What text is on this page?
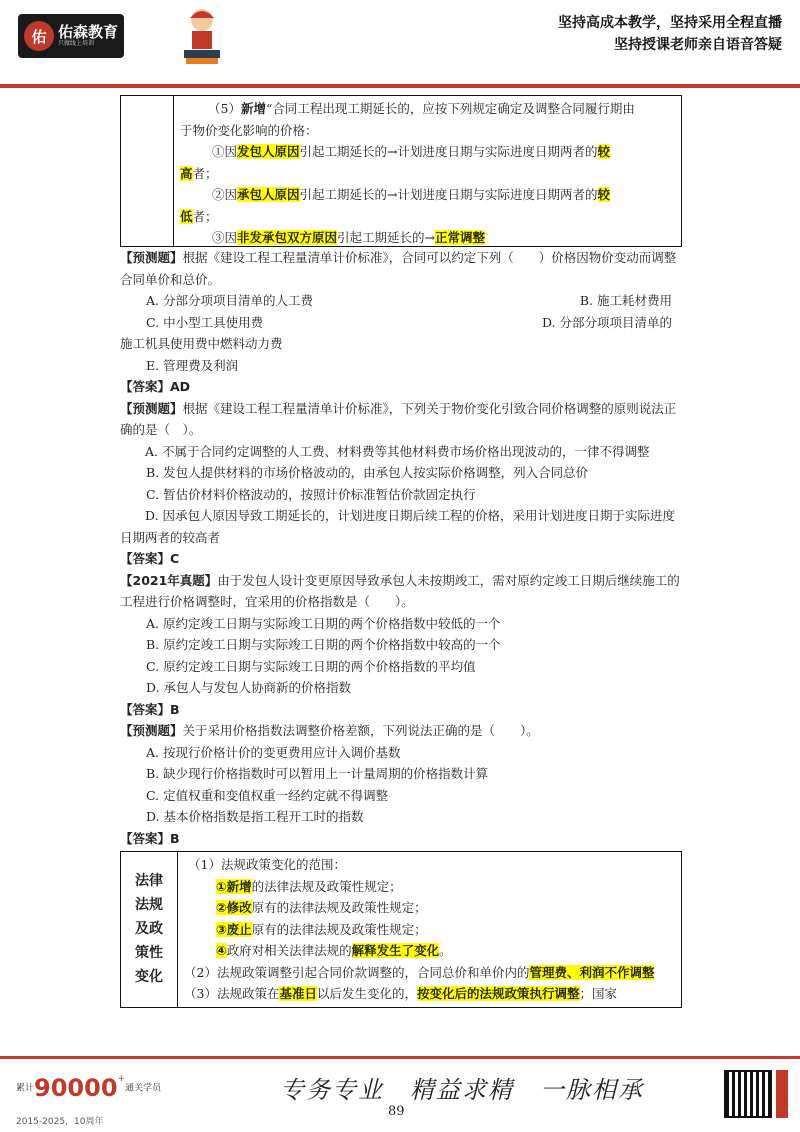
佑 佑森教育
只做线上培训
坚持高成本教学，坚持采用全程直播
坚持授课老师亲自语音答疑
（5）新增“合同工程出现工期延长的，应按下列规定确定及调整合同履行期由
于物价变化影响的价格：
①因发包人原因引起工期延长的→计划进度日期与实际进度日期两者的较
高者；
②因承包人原因引起工期延长的→计划进度日期与实际进度日期两者的较
低者；
③因非发承包双方原因引起工期延长的→正常调整
【预测题】根据《建设工程工程量清单计价标准》，合同可以约定下列（　　）价格因物价变动而调整合同单价和总价。
A. 分部分项项目清单的人工费	B. 施工耗材费用
C. 中小型工具使用费	D. 分部分项项目清单的
施工机具使用费中燃料动力费
E. 管理费及利润
【答案】AD
【预测题】根据《建设工程工程量清单计价标准》，下列关于物价变化引致合同价格调整的原则说法正确的是（　）。
A. 不属于合同约定调整的人工费、材料费等其他材料费市场价格出现波动的，一律不得调整
B. 发包人提供材料的市场价格波动的，由承包人按实际价格调整，列入合同总价
C. 暂估价材料价格波动的，按照计价标准暂估价款固定执行
D. 因承包人原因导致工期延长的，计划进度日期后续工程的价格，采用计划进度日期于实际进度日期两者的较高者
【答案】C
【2021年真题】由于发包人设计变更原因导致承包人未按期竣工，需对原约定竣工日期后继续施工的工程进行价格调整时，宜采用的价格指数是（　　）。
A. 原约定竣工日期与实际竣工日期的两个价格指数中较低的一个
B. 原约定竣工日期与实际竣工日期的两个价格指数中较高的一个
C. 原约定竣工日期与实际竣工日期的两个价格指数的平均值
D. 承包人与发包人协商新的价格指数
【答案】B
【预测题】关于采用价格指数法调整价格差额，下列说法正确的是（　　）。
A. 按现行价格计价的变更费用应计入调价基数
B. 缺少现行价格指数时可以暂用上一计量周期的价格指数计算
C. 定值权重和变值权重一经约定就不得调整
D. 基本价格指数是指工程开工时的指数
【答案】B
法律法规及政策性变化
（1）法规政策变化的范围：
①新增的法律法规及政策性规定；
②修改原有的法律法规及政策性规定；
③废止原有的法律法规及政策性规定；
④政府对相关法律法规的解释发生了变化。
（2）法规政策调整引起合同价款调整的，合同总价和单价内的管理费、利润不作调整
（3）法规政策在基准日以后发生变化的，按变化后的法规政策执行调整；国家
累计90000+通关学员
2015-2025，10周年
专务专业　精益求精　一脉相承
89
